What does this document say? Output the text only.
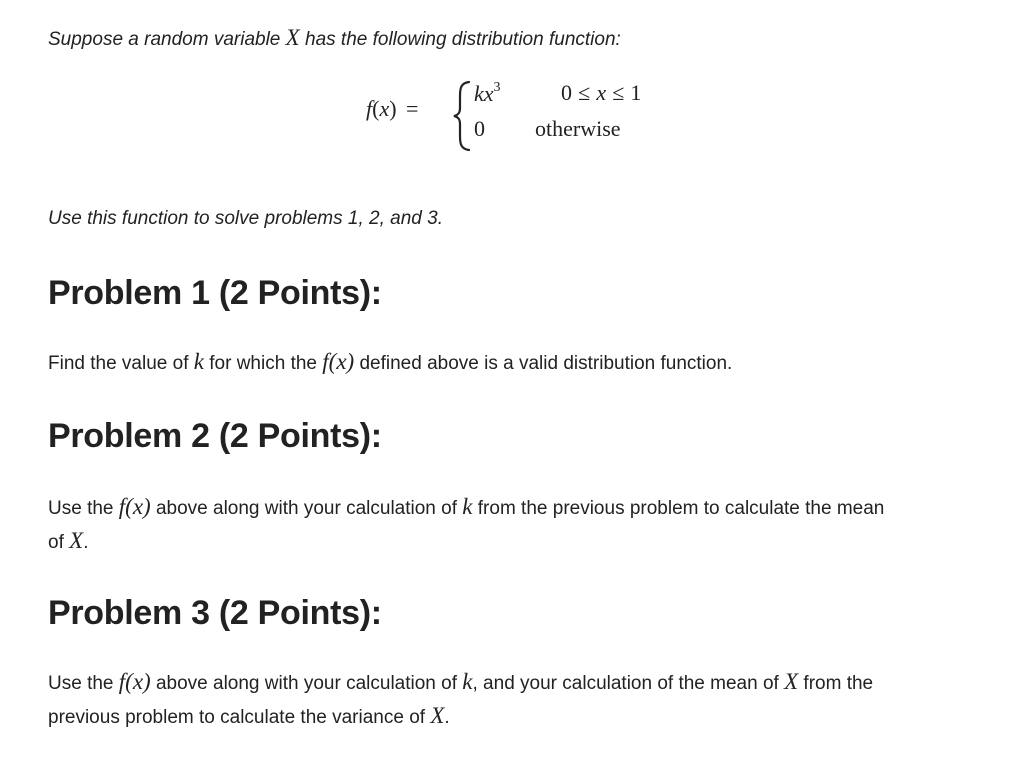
Suppose a random variable X has the following distribution function:
f(x) =
$kx^3$	0 ≤ x ≤ 1
0 otherwise
Use this function to solve problems 1, 2, and 3.
Problem 1 (2 Points):
Find the value of k for which the f(x) defined above is a valid distribution function.
Problem 2 (2 Points):
Use the f(x) above along with your calculation of k from the previous problem to calculate the mean
of X.
Problem 3 (2 Points):
Use the f(x) above along with your calculation of k, and your calculation of the mean of X from the
previous problem to calculate the variance of X.
